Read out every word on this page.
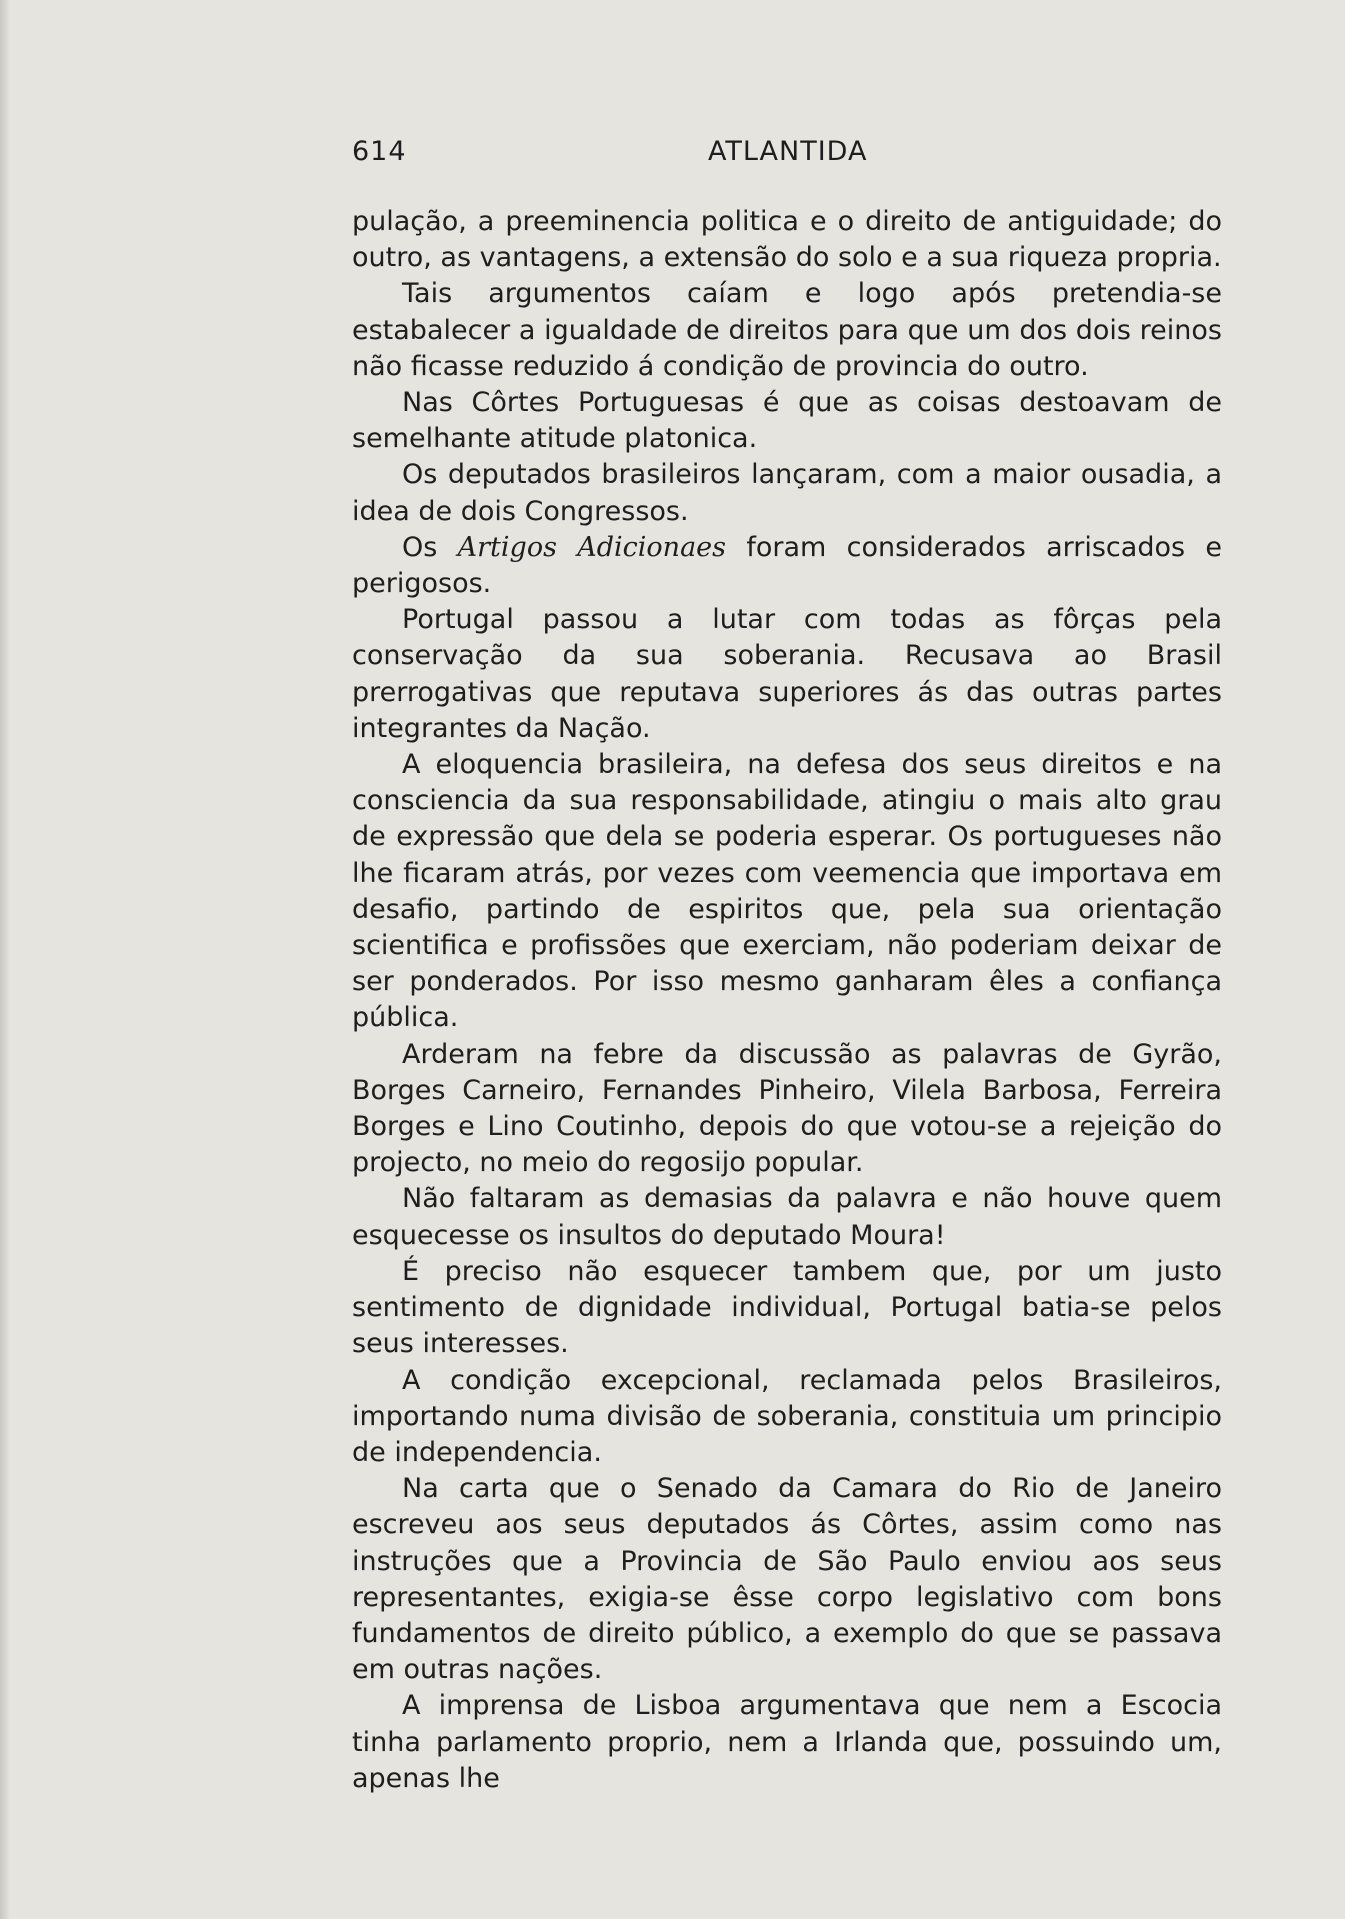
614	ATLANTIDA

pulação, a preeminencia politica e o direito de antiguidade; do outro, as vantagens, a extensão do solo e a sua riqueza propria.

Tais argumentos caíam e logo após pretendia-se estabalecer a igualdade de direitos para que um dos dois reinos não ficasse reduzido á condição de provincia do outro.

Nas Côrtes Portuguesas é que as coisas destoavam de semelhante atitude platonica.

Os deputados brasileiros lançaram, com a maior ousadia, a idea de dois Congressos.

Os Artigos Adicionaes foram considerados arriscados e perigosos.

Portugal passou a lutar com todas as fôrças pela conservação da sua soberania. Recusava ao Brasil prerrogativas que reputava superiores ás das outras partes integrantes da Nação.

A eloquencia brasileira, na defesa dos seus direitos e na consciencia da sua responsabilidade, atingiu o mais alto grau de expressão que dela se poderia esperar. Os portugueses não lhe ficaram atrás, por vezes com veemencia que importava em desafio, partindo de espiritos que, pela sua orientação scientifica e profissões que exerciam, não poderiam deixar de ser ponderados. Por isso mesmo ganharam êles a confiança pública.

Arderam na febre da discussão as palavras de Gyrão, Borges Carneiro, Fernandes Pinheiro, Vilela Barbosa, Ferreira Borges e Lino Coutinho, depois do que votou-se a rejeição do projecto, no meio do regosijo popular.

Não faltaram as demasias da palavra e não houve quem esquecesse os insultos do deputado Moura!

É preciso não esquecer tambem que, por um justo sentimento de dignidade individual, Portugal batia-se pelos seus interesses.

A condição excepcional, reclamada pelos Brasileiros, importando numa divisão de soberania, constituia um principio de independencia.

Na carta que o Senado da Camara do Rio de Janeiro escreveu aos seus deputados ás Côrtes, assim como nas instruções que a Provincia de São Paulo enviou aos seus representantes, exigia-se êsse corpo legislativo com bons fundamentos de direito público, a exemplo do que se passava em outras nações.

A imprensa de Lisboa argumentava que nem a Escocia tinha parlamento proprio, nem a Irlanda que, possuindo um, apenas lhe
